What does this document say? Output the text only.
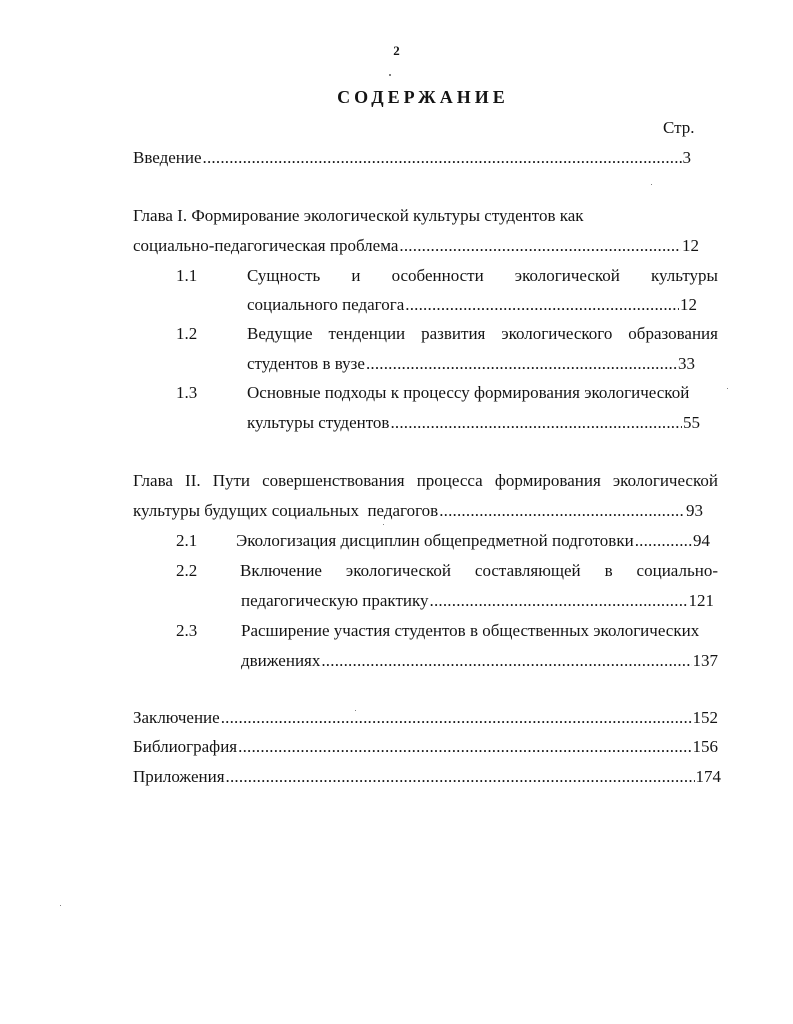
2
СОДЕРЖАНИЕ
Стр.
Введение .....	3
Глава I. Формирование экологической культуры студентов как
социально-педагогическая проблема .....	12
1.1	Сущность и особенности экологической культуры
социального педагога .....	12
1.2	Ведущие тенденции развития экологического образования
студентов в вузе .....	33
1.3	Основные подходы к процессу формирования экологической
культуры студентов .....	55
Глава II. Пути совершенствования процесса формирования экологической
культуры будущих социальных  педагогов .....	93
2.1 Экологизация дисциплин общепредметной подготовки .....	94
2.2	Включение экологической составляющей в социально-
педагогическую практику .....	121
2.3	Расширение участия студентов в общественных экологических
движениях .....	137
Заключение .....	152
Библиография .....	156
Приложения .....	174
